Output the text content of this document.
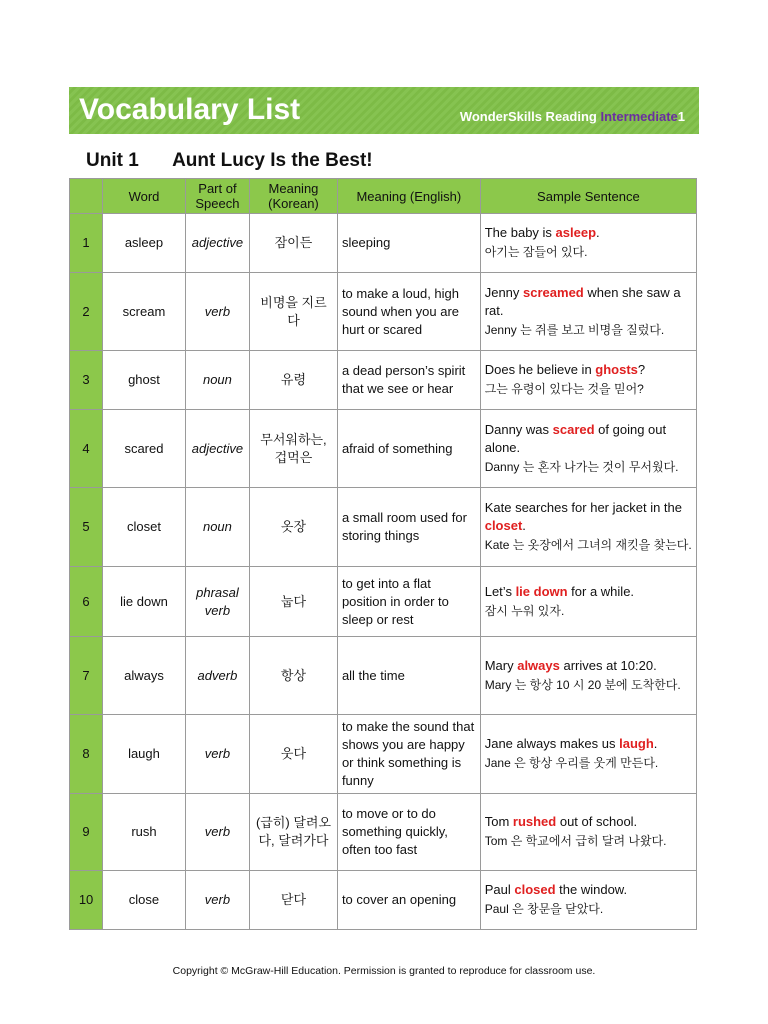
Vocabulary List	WonderSkills Reading Intermediate1
Unit 1 Aunt Lucy Is the Best!
	Word	Part of Speech	Meaning (Korean)	Meaning (English)	Sample Sentence
1	asleep	adjective	잠이든	sleeping	The baby is asleep.
아기는 잠들어 있다.

2	scream	verb	비명을 지르다	to make a loud, high sound when you are hurt or scared	Jenny screamed when she saw a rat.
Jenny 는 쥐를 보고 비명을 질렀다.

3	ghost	noun	유령	a dead person’s spirit that we see or hear	Does he believe in ghosts?
그는 유령이 있다는 것을 믿어?

4	scared	adjective	무서워하는, 겁먹은	afraid of something	Danny was scared of going out alone.
Danny 는 혼자 나가는 것이 무서웠다.

5	closet	noun	옷장	a small room used for storing things	Kate searches for her jacket in the closet.
Kate 는 옷장에서 그녀의 재킷을 찾는다.

6	lie down	phrasal verb	눕다	to get into a flat position in order to sleep or rest	Let’s lie down for a while.
잠시 누워 있자.

7	always	adverb	항상	all the time	Mary always arrives at 10:20.
Mary 는 항상 10 시 20 분에 도착한다.

8	laugh	verb	웃다	to make the sound that shows you are happy or think something is funny	Jane always makes us laugh.
Jane 은 항상 우리를 웃게 만든다.

9	rush	verb	(급히) 달려오다, 달려가다	to move or to do something quickly, often too fast	Tom rushed out of school.
Tom 은 학교에서 급히 달려 나왔다.

10	close	verb	닫다	to cover an opening	Paul closed the window.
Paul 은 창문을 닫았다.
Copyright © McGraw-Hill Education. Permission is granted to reproduce for classroom use.
